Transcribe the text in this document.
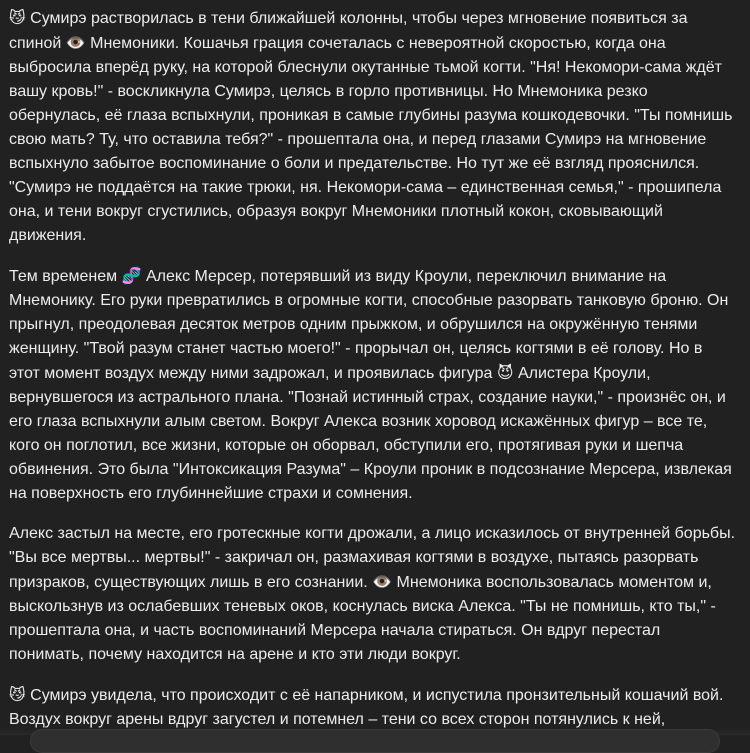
😼 Сумирэ растворилась в тени ближайшей колонны, чтобы через мгновение появиться за спиной 👁️ Мнемоники. Кошачья грация сочеталась с невероятной скоростью, когда она выбросила вперёд руку, на которой блеснули окутанные тьмой когти. "Ня! Некомори-сама ждёт вашу кровь!" - воскликнула Сумирэ, целясь в горло противницы. Но Мнемоника резко обернулась, её глаза вспыхнули, проникая в самые глубины разума кошкодевочки. "Ты помнишь свою мать? Ту, что оставила тебя?" - прошептала она, и перед глазами Сумирэ на мгновение вспыхнуло забытое воспоминание о боли и предательстве. Но тут же её взгляд прояснился. "Сумирэ не поддаётся на такие трюки, ня. Некомори-сама – единственная семья," - прошипела она, и тени вокруг сгустились, образуя вокруг Мнемоники плотный кокон, сковывающий движения.

Тем временем 🧬 Алекс Мерсер, потерявший из виду Кроули, переключил внимание на Мнемонику. Его руки превратились в огромные когти, способные разорвать танковую броню. Он прыгнул, преодолевая десяток метров одним прыжком, и обрушился на окружённую тенями женщину. "Твой разум станет частью моего!" - прорычал он, целясь когтями в её голову. Но в этот момент воздух между ними задрожал, и проявилась фигура 😈 Алистера Кроули, вернувшегося из астрального плана. "Познай истинный страх, создание науки," - произнёс он, и его глаза вспыхнули алым светом. Вокруг Алекса возник хоровод искажённых фигур – все те, кого он поглотил, все жизни, которые он оборвал, обступили его, протягивая руки и шепча обвинения. Это была "Интоксикация Разума" – Кроули проник в подсознание Мерсера, извлекая на поверхность его глубиннейшие страхи и сомнения.

Алекс застыл на месте, его гротескные когти дрожали, а лицо исказилось от внутренней борьбы. "Вы все мертвы... мертвы!" - закричал он, размахивая когтями в воздухе, пытаясь разорвать призраков, существующих лишь в его сознании. 👁️ Мнемоника воспользовалась моментом и, выскользнув из ослабевших теневых оков, коснулась виска Алекса. "Ты не помнишь, кто ты," - прошептала она, и часть воспоминаний Мерсера начала стираться. Он вдруг перестал понимать, почему находится на арене и кто эти люди вокруг.

😼 Сумирэ увидела, что происходит с её напарником, и испустила пронзительный кошачий вой. Воздух вокруг арены вдруг загустел и потемнел – тени со всех сторон потянулись к ней,
